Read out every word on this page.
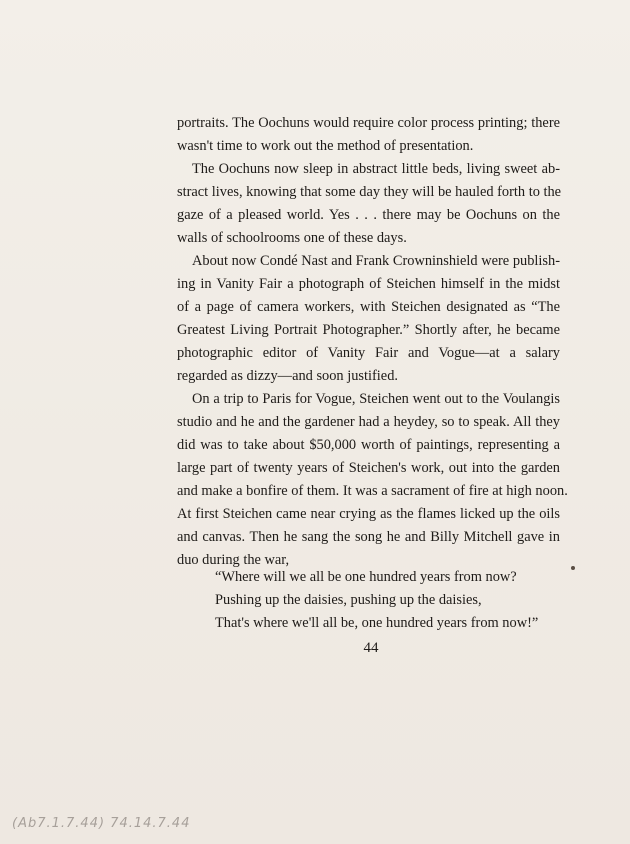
portraits. The Oochuns would require color process printing; there
wasn't time to work out the method of presentation.
The Oochuns now sleep in abstract little beds, living sweet ab-
stract lives, knowing that some day they will be hauled forth to the
gaze of a pleased world. Yes . . . there may be Oochuns on the
walls of schoolrooms one of these days.
About now Condé Nast and Frank Crowninshield were publish-
ing in Vanity Fair a photograph of Steichen himself in the midst
of a page of camera workers, with Steichen designated as “The
Greatest Living Portrait Photographer.” Shortly after, he became
photographic editor of Vanity Fair and Vogue—at a salary
regarded as dizzy—and soon justified.
On a trip to Paris for Vogue, Steichen went out to the Voulangis
studio and he and the gardener had a heydey, so to speak. All they
did was to take about $50,000 worth of paintings, representing a
large part of twenty years of Steichen's work, out into the garden
and make a bonfire of them. It was a sacrament of fire at high noon.
At first Steichen came near crying as the flames licked up the oils
and canvas. Then he sang the song he and Billy Mitchell gave in
duo during the war,
“Where will we all be one hundred years from now?
Pushing up the daisies, pushing up the daisies,
That's where we'll all be, one hundred years from now!”
44
(Ab7.1.7.44) 74.14.7.44
